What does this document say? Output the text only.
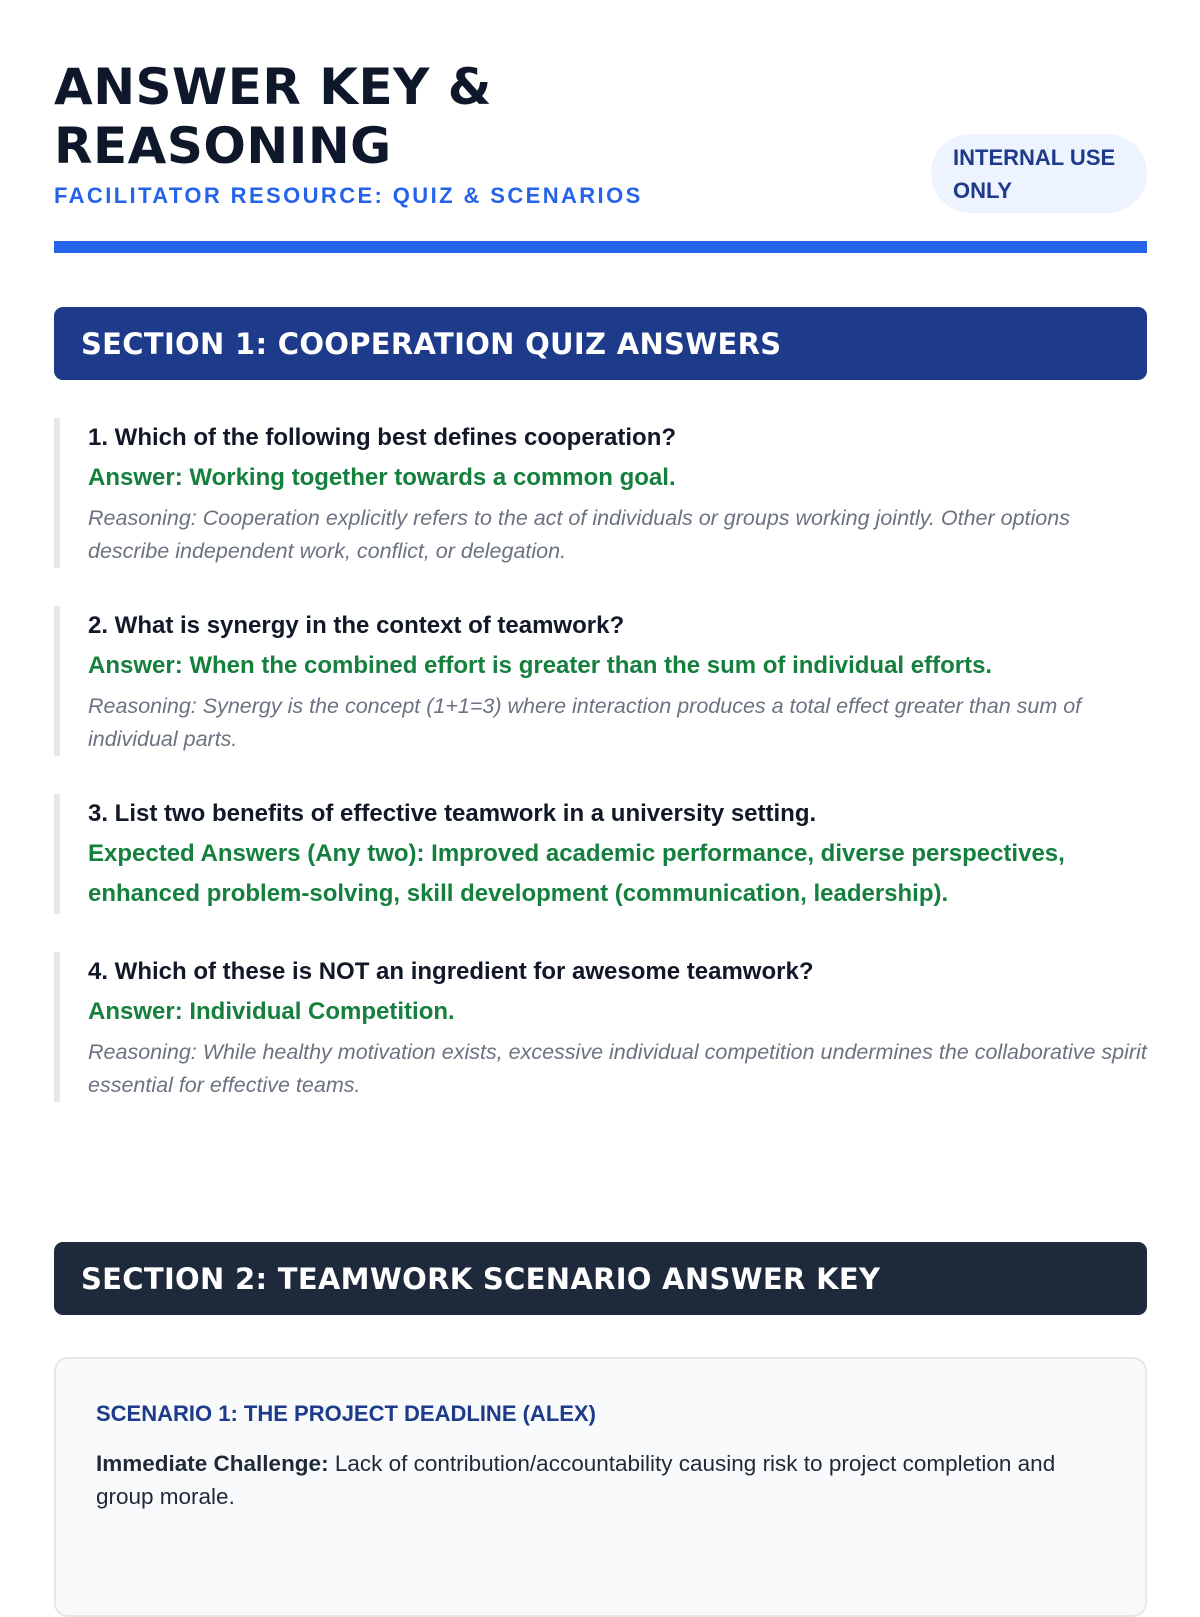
ANSWER KEY & REASONING
FACILITATOR RESOURCE: QUIZ & SCENARIOS
INTERNAL USE ONLY
SECTION 1: COOPERATION QUIZ ANSWERS
1. Which of the following best defines cooperation?
Answer: Working together towards a common goal.
Reasoning: Cooperation explicitly refers to the act of individuals or groups working jointly. Other options describe independent work, conflict, or delegation.
2. What is synergy in the context of teamwork?
Answer: When the combined effort is greater than the sum of individual efforts.
Reasoning: Synergy is the concept (1+1=3) where interaction produces a total effect greater than sum of individual parts.
3. List two benefits of effective teamwork in a university setting.
Expected Answers (Any two): Improved academic performance, diverse perspectives, enhanced problem-solving, skill development (communication, leadership).
4. Which of these is NOT an ingredient for awesome teamwork?
Answer: Individual Competition.
Reasoning: While healthy motivation exists, excessive individual competition undermines the collaborative spirit essential for effective teams.
SECTION 2: TEAMWORK SCENARIO ANSWER KEY
SCENARIO 1: THE PROJECT DEADLINE (ALEX)
Immediate Challenge: Lack of contribution/accountability causing risk to project completion and group morale.
